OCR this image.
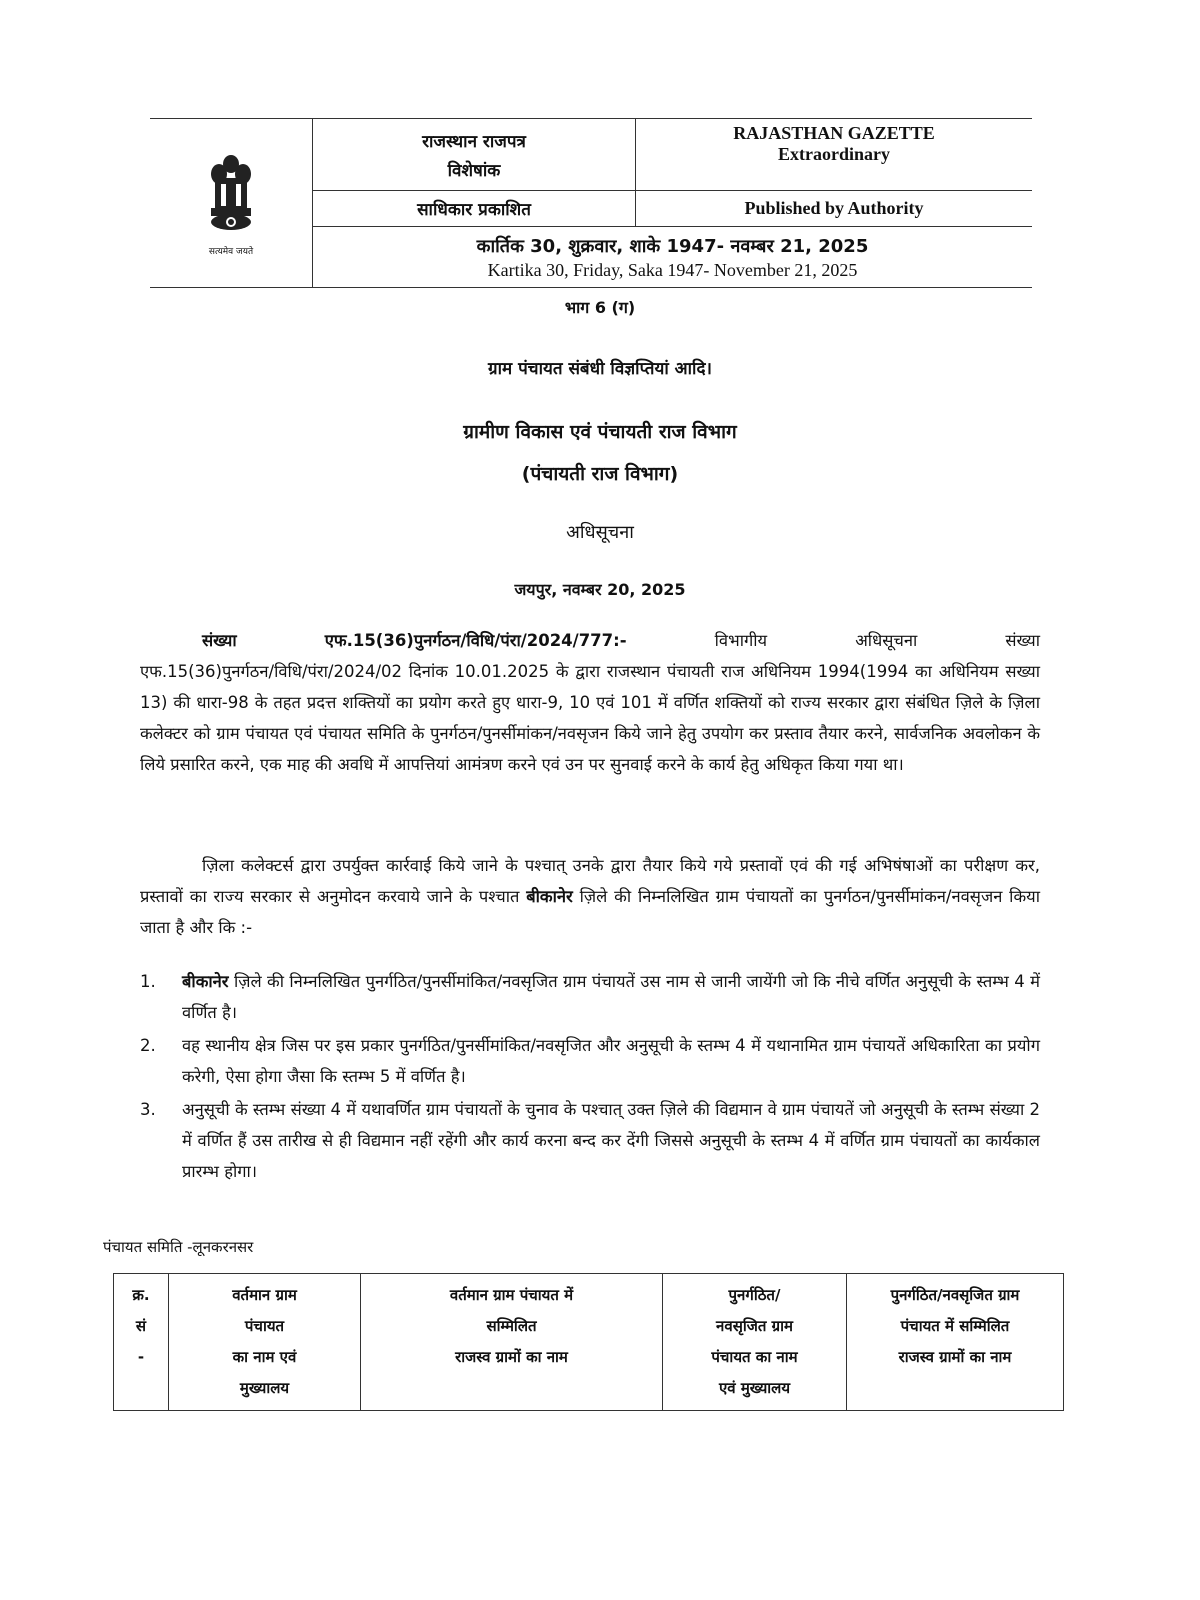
सत्यमेव जयते
राजस्थान राजपत्र
विशेषांक
RAJASTHAN GAZETTE
Extraordinary
साधिकार प्रकाशित	Published by Authority
कार्तिक 30, शुक्रवार, शाके 1947- नवम्बर 21, 2025
Kartika 30, Friday, Saka 1947- November 21, 2025
भाग 6 (ग)
ग्राम पंचायत संबंधी विज्ञप्तियां आदि।
ग्रामीण विकास एवं पंचायती राज विभाग
(पंचायती राज विभाग)
अधिसूचना
जयपुर, नवम्बर 20, 2025
संख्या	एफ.15(36)पुनर्गठन/विधि/पंरा/2024/777:-	विभागीय	अधिसूचना	संख्या
एफ.15(36)पुनर्गठन/विधि/पंरा/2024/02 दिनांक 10.01.2025 के द्वारा राजस्थान पंचायती राज अधिनियम 1994(1994 का अधिनियम सख्या 13) की धारा-98 के तहत प्रदत्त शक्तियों का प्रयोग करते हुए धारा-9, 10 एवं 101 में वर्णित शक्तियों को राज्य सरकार द्वारा संबंधित ज़िले के ज़िला कलेक्टर को ग्राम पंचायत एवं पंचायत समिति के पुनर्गठन/पुनर्सीमांकन/नवसृजन किये जाने हेतु उपयोग कर प्रस्ताव तैयार करने, सार्वजनिक अवलोकन के लिये प्रसारित करने, एक माह की अवधि में आपत्तियां आमंत्रण करने एवं उन पर सुनवाई करने के कार्य हेतु अधिकृत किया गया था।
ज़िला कलेक्टर्स द्वारा उपर्युक्त कार्रवाई किये जाने के पश्चात् उनके द्वारा तैयार किये गये प्रस्तावों एवं की गई अभिषंषाओं का परीक्षण कर, प्रस्तावों का राज्य सरकार से अनुमोदन करवाये जाने के पश्चात बीकानेर ज़िले की निम्नलिखित ग्राम पंचायतों का पुनर्गठन/पुनर्सीमांकन/नवसृजन किया जाता है और कि :-
1.	बीकानेर ज़िले की निम्नलिखित पुनर्गठित/पुनर्सीमांकित/नवसृजित ग्राम पंचायतें उस नाम से जानी जायेंगी जो कि नीचे वर्णित अनुसूची के स्तम्भ 4 में वर्णित है।
2.	वह स्थानीय क्षेत्र जिस पर इस प्रकार पुनर्गठित/पुनर्सीमांकित/नवसृजित और अनुसूची के स्तम्भ 4 में यथानामित ग्राम पंचायतें अधिकारिता का प्रयोग करेगी, ऐसा होगा जैसा कि स्तम्भ 5 में वर्णित है।
3.	अनुसूची के स्तम्भ संख्या 4 में यथावर्णित ग्राम पंचायतों के चुनाव के पश्चात् उक्त ज़िले की विद्यमान वे ग्राम पंचायतें जो अनुसूची के स्तम्भ संख्या 2 में वर्णित हैं उस तारीख से ही विद्यमान नहीं रहेंगी और कार्य करना बन्द कर देंगी जिससे अनुसूची के स्तम्भ 4 में वर्णित ग्राम पंचायतों का कार्यकाल प्रारम्भ होगा।
पंचायत समिति -लूनकरनसर
क्र.
सं
-

वर्तमान ग्राम
पंचायत
का नाम एवं
मुख्यालय

वर्तमान ग्राम पंचायत में
सम्मिलित
राजस्व ग्रामों का नाम

पुनर्गठित/
नवसृजित ग्राम
पंचायत का नाम
एवं मुख्यालय

पुनर्गठित/नवसृजित ग्राम
पंचायत में सम्मिलित
राजस्व ग्रामों का नाम
